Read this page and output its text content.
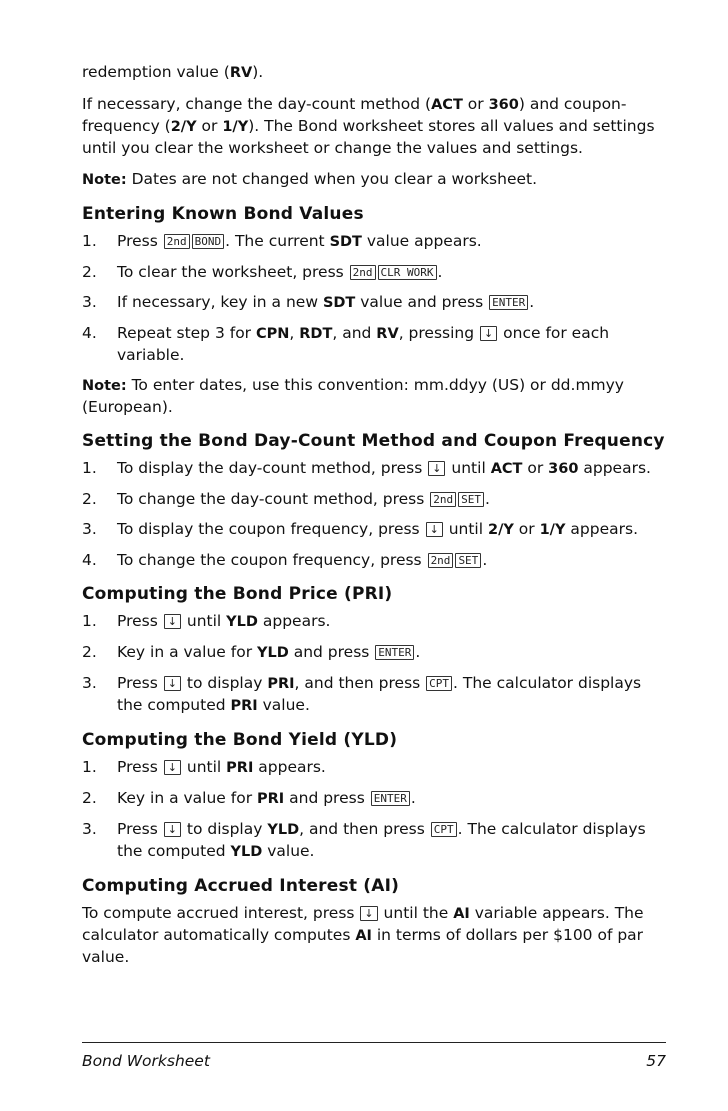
redemption value (RV).

If necessary, change the day-count method (ACT or 360) and coupon-frequency (2/Y or 1/Y). The Bond worksheet stores all values and settings until you clear the worksheet or change the values and settings.

Note: Dates are not changed when you clear a worksheet.

Entering Known Bond Values
1.	Press 2nd BOND . The current SDT value appears.
2.	To clear the worksheet, press 2nd CLR WORK .
3.	If necessary, key in a new SDT value and press ENTER .
4.	Repeat step 3 for CPN, RDT, and RV, pressing ↓ once for each variable.

Note: To enter dates, use this convention: mm.ddyy (US) or dd.mmyy (European).

Setting the Bond Day-Count Method and Coupon Frequency
1.	To display the day-count method, press ↓ until ACT or 360 appears.
2.	To change the day-count method, press 2nd SET .
3.	To display the coupon frequency, press ↓ until 2/Y or 1/Y appears.
4.	To change the coupon frequency, press 2nd SET .
Computing the Bond Price (PRI)
1.	Press ↓ until YLD appears.
2.	Key in a value for YLD and press ENTER .
3.	Press ↓ to display PRI, and then press CPT . The calculator displays the computed PRI value.
Computing the Bond Yield (YLD)
1.	Press ↓ until PRI appears.
2.	Key in a value for PRI and press ENTER .
3.	Press ↓ to display YLD, and then press CPT . The calculator displays the computed YLD value.
Computing Accrued Interest (AI)

To compute accrued interest, press ↓ until the AI variable appears. The calculator automatically computes AI in terms of dollars per $100 of par value.

Bond Worksheet	57
